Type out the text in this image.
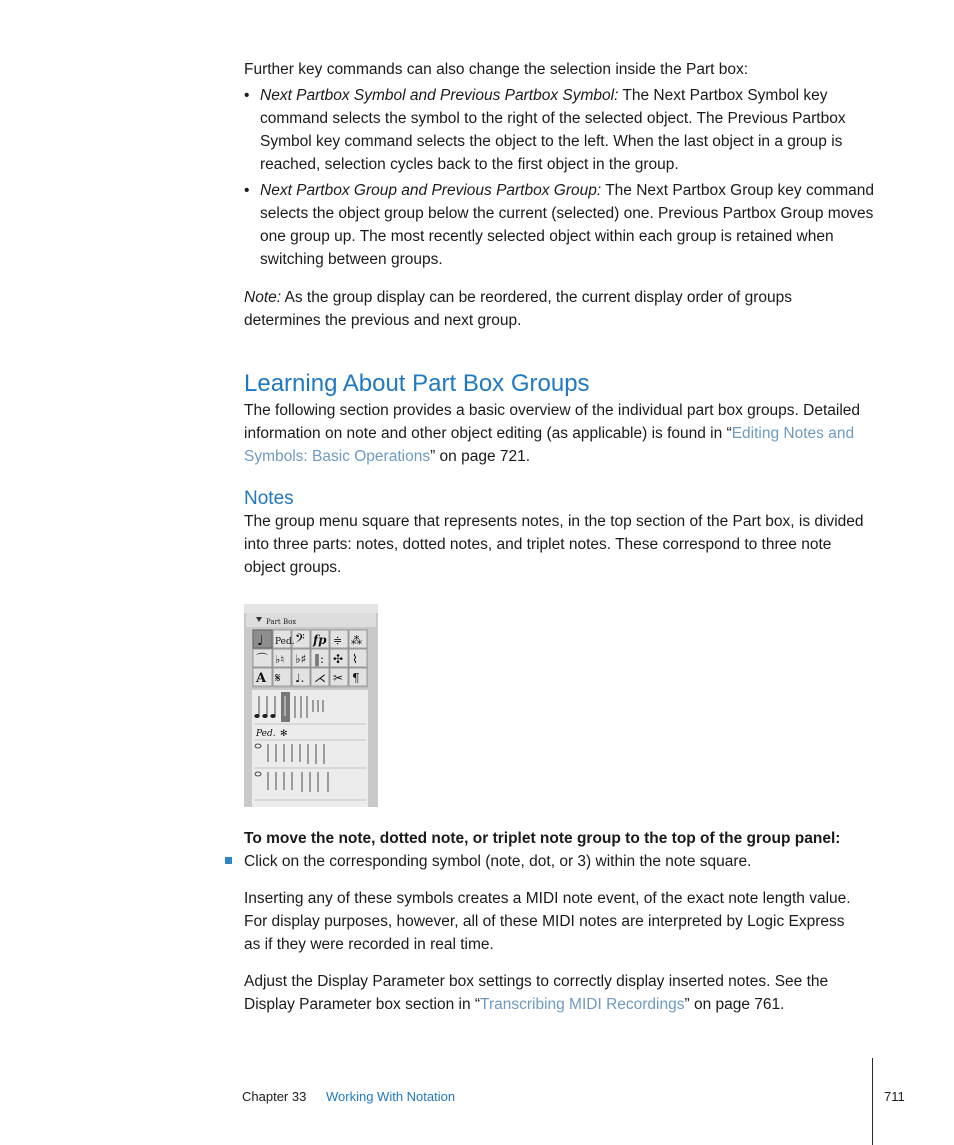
Further key commands can also change the selection inside the Part box:

• Next Partbox Symbol and Previous Partbox Symbol: The Next Partbox Symbol key command selects the symbol to the right of the selected object. The Previous Partbox Symbol key command selects the object to the left. When the last object in a group is reached, selection cycles back to the first object in the group.
• Next Partbox Group and Previous Partbox Group: The Next Partbox Group key command selects the object group below the current (selected) one. Previous Partbox Group moves one group up. The most recently selected object within each group is retained when switching between groups.

Note: As the group display can be reordered, the current display order of groups determines the previous and next group.

Learning About Part Box Groups

The following section provides a basic overview of the individual part box groups. Detailed information on note and other object editing (as applicable) is found in “Editing Notes and Symbols: Basic Operations” on page 721.

Notes

The group menu square that represents notes, in the top section of the Part box, is divided into three parts: notes, dotted notes, and triplet notes. These correspond to three note object groups.

Part Box
♩ Ped. 𝄢 fp ≑ ⁂
⌒ ♭♮ ♭♯ ‖: ✣ ⌇
A 𝄋 ♩. ⋌ ✂ ¶
Ped. ✻

To move the note, dotted note, or triplet note group to the top of the group panel:

Click on the corresponding symbol (note, dot, or 3) within the note square.

Inserting any of these symbols creates a MIDI note event, of the exact note length value. For display purposes, however, all of these MIDI notes are interpreted by Logic Express as if they were recorded in real time.

Adjust the Display Parameter box settings to correctly display inserted notes. See the Display Parameter box section in “Transcribing MIDI Recordings” on page 761.

Chapter 33 Working With Notation	711
